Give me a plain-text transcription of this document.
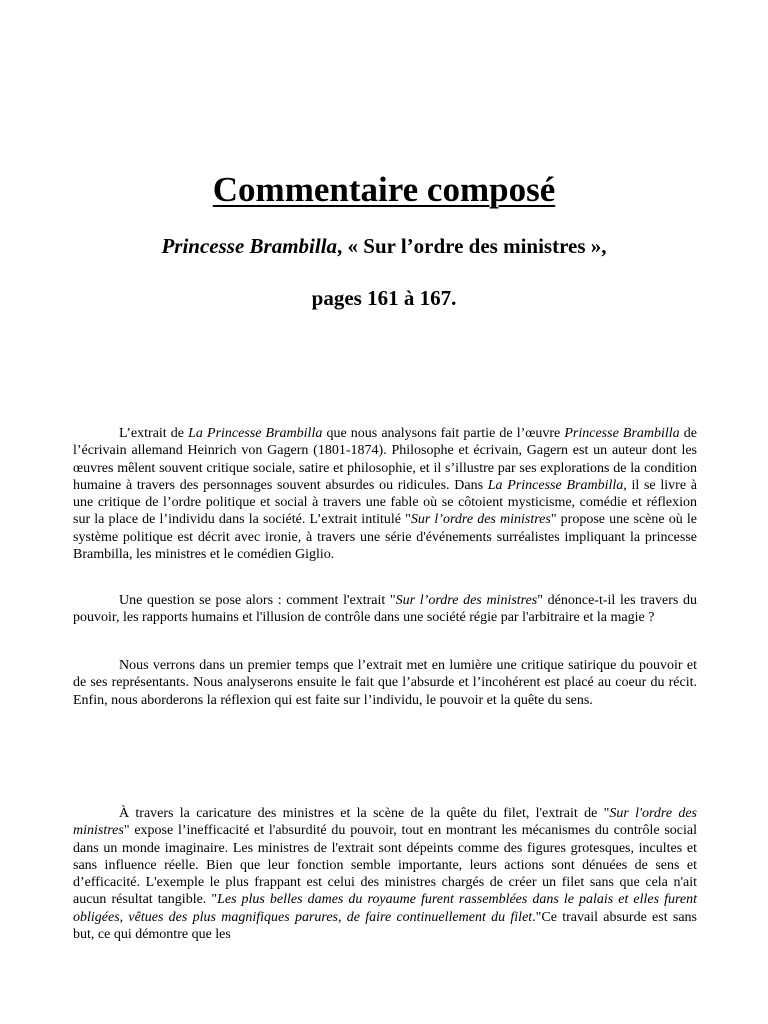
Commentaire composé
Princesse Brambilla, « Sur l’ordre des ministres »,
pages 161 à 167.

L’extrait de La Princesse Brambilla que nous analysons fait partie de l’œuvre Princesse Brambilla de l’écrivain allemand Heinrich von Gagern (1801-1874). Philosophe et écrivain, Gagern est un auteur dont les œuvres mêlent souvent critique sociale, satire et philosophie, et il s’illustre par ses explorations de la condition humaine à travers des personnages souvent absurdes ou ridicules. Dans La Princesse Brambilla, il se livre à une critique de l’ordre politique et social à travers une fable où se côtoient mysticisme, comédie et réflexion sur la place de l’individu dans la société. L’extrait intitulé "Sur l’ordre des ministres" propose une scène où le système politique est décrit avec ironie, à travers une série d'événements surréalistes impliquant la princesse Brambilla, les ministres et le comédien Giglio.

Une question se pose alors : comment l'extrait "Sur l’ordre des ministres" dénonce-t-il les travers du pouvoir, les rapports humains et l'illusion de contrôle dans une société régie par l'arbitraire et la magie ?

Nous verrons dans un premier temps que l’extrait met en lumière une critique satirique du pouvoir et de ses représentants. Nous analyserons ensuite le fait que l’absurde et l’incohérent est placé au coeur du récit. Enfin, nous aborderons la réflexion qui est faite sur l’individu, le pouvoir et la quête du sens.

À travers la caricature des ministres et la scène de la quête du filet, l'extrait de "Sur l'ordre des ministres" expose l’inefficacité et l'absurdité du pouvoir, tout en montrant les mécanismes du contrôle social dans un monde imaginaire. Les ministres de l'extrait sont dépeints comme des figures grotesques, incultes et sans influence réelle. Bien que leur fonction semble importante, leurs actions sont dénuées de sens et d’efficacité. L'exemple le plus frappant est celui des ministres chargés de créer un filet sans que cela n'ait aucun résultat tangible. "Les plus belles dames du royaume furent rassemblées dans le palais et elles furent obligées, vêtues des plus magnifiques parures, de faire continuellement du filet."Ce travail absurde est sans but, ce qui démontre que les
